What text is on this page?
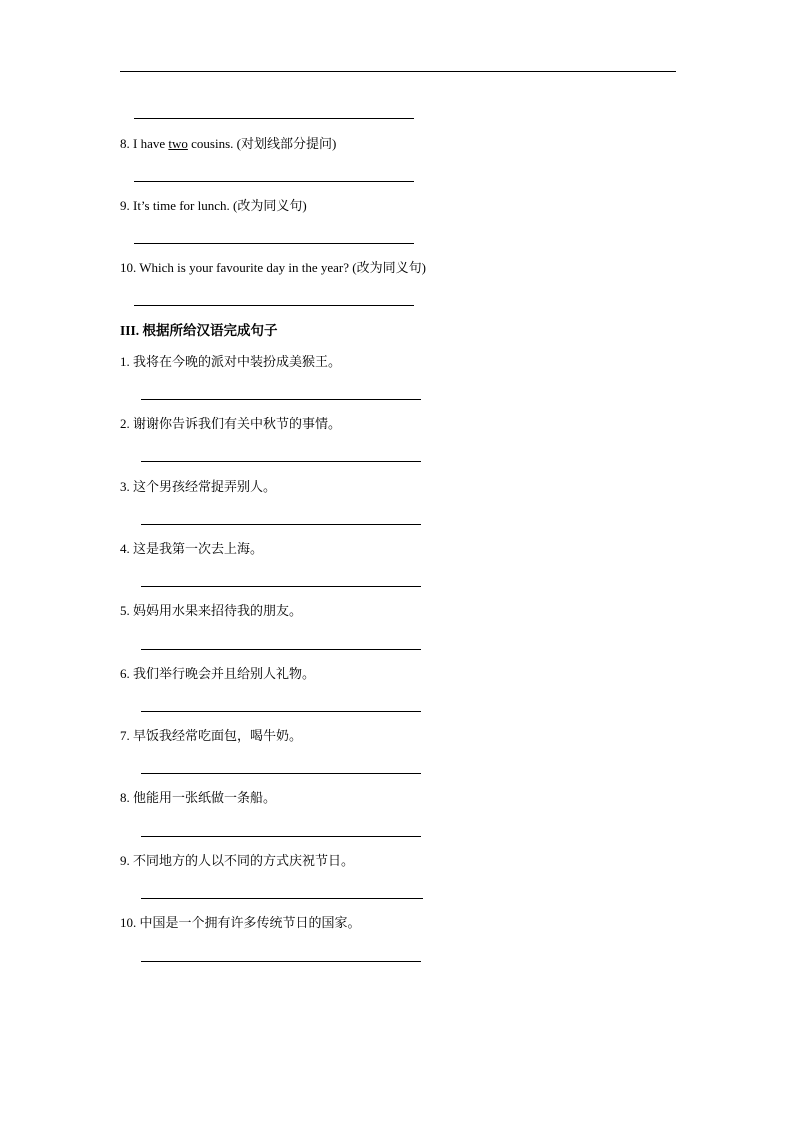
8. I have two cousins. (对划线部分提问)
9. It’s time for lunch. (改为同义句)
10. Which is your favourite day in the year? (改为同义句)
III. 根据所给汉语完成句子
1. 我将在今晚的派对中装扮成美猴王。
2. 谢谢你告诉我们有关中秋节的事情。
3. 这个男孩经常捉弄别人。
4. 这是我第一次去上海。
5. 妈妈用水果来招待我的朋友。
6. 我们举行晚会并且给别人礼物。
7. 早饭我经常吃面包，喝牛奶。
8. 他能用一张纸做一条船。
9. 不同地方的人以不同的方式庆祝节日。
10. 中国是一个拥有许多传统节日的国家。
